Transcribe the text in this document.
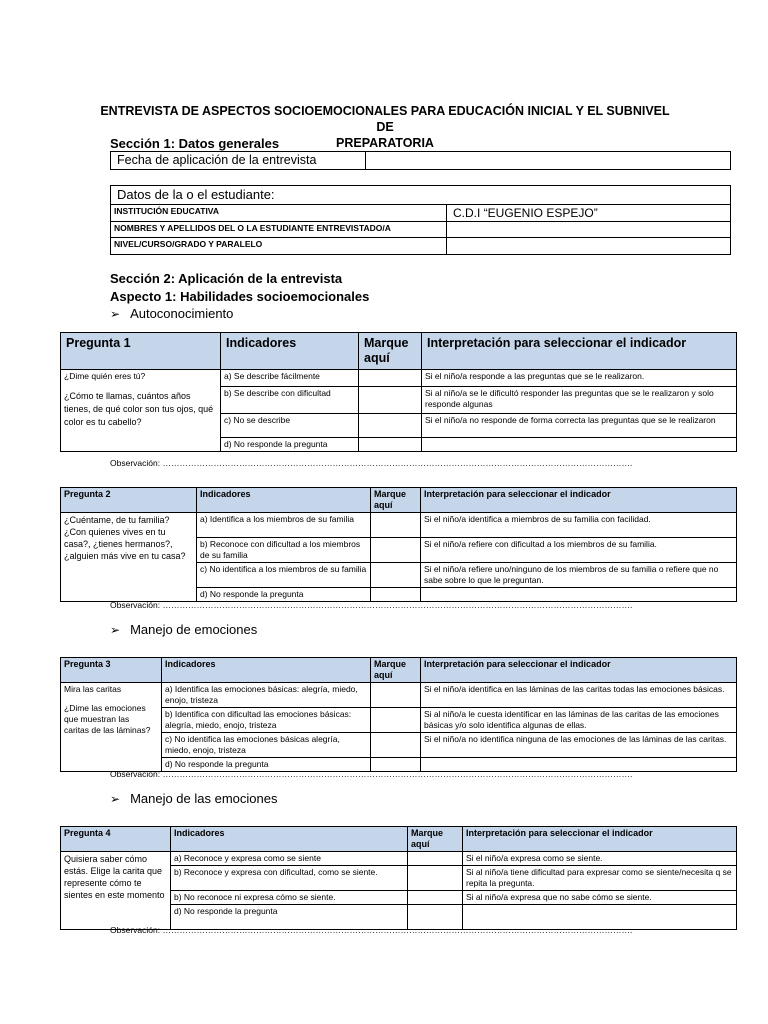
ENTREVISTA DE ASPECTOS SOCIOEMOCIONALES PARA EDUCACIÓN INICIAL Y EL SUBNIVEL DE
PREPARATORIA
Sección 1: Datos generales
Fecha de aplicación de la entrevista	
Datos de la o el estudiante:	
INSTITUCIÓN EDUCATIVA	C.D.I “EUGENIO ESPEJO”
NOMBRES Y APELLIDOS DEL O LA ESTUDIANTE ENTREVISTADO/A	
NIVEL/CURSO/GRADO Y PARALELO	
Sección 2: Aplicación de la entrevista
Aspecto 1: Habilidades socioemocionales
➢ Autoconocimiento
Pregunta 1	Indicadores	Marque aquí	Interpretación para seleccionar el indicador

¿Dime quién eres tú?
¿Cómo te llamas, cuántos años tienes, de qué color son tus ojos, qué color es tu cabello?	a) Se describe fácilmente		Si el niño/a responde a las preguntas que se le realizaron.
	b) Se describe con dificultad		Si al niño/a se le dificultó responder las preguntas que se le realizaron y solo responde algunas
	c) No se describe		Si el niño/a no responde de forma correcta las preguntas que se le realizaron
	d) No responde la pregunta		
Observación: ………………………………………………………………………………………………………………………………………………….
Pregunta 2	Indicadores	Marque aquí	Interpretación para seleccionar el indicador
¿Cuéntame, de tu familia? ¿Con quienes vives en tu casa?, ¿tienes hermanos?, ¿alguien más vive en tu casa?	a) Identifica a los miembros de su familia		Si el niño/a identifica a miembros de su familia con facilidad.
	b) Reconoce con dificultad a los miembros de su familia		Si el niño/a refiere con dificultad a los miembros de su familia.
	c) No identifica a los miembros de su familia		Si el niño/a refiere uno/ninguno de los miembros de su familia o refiere que no sabe sobre lo que le preguntan.
	d) No responde la pregunta		
Observación: ………………………………………………………………………………………………………………………………………………….
➢ Manejo de emociones
Pregunta 3	Indicadores	Marque aquí	Interpretación para seleccionar el indicador

Mira las caritas
¿Dime las emociones que muestran las caritas de las láminas?	a) Identifica las emociones básicas: alegría, miedo, enojo, tristeza		Si el niño/a identifica en las láminas de las caritas todas las emociones básicas.
	b) Identifica con dificultad las emociones básicas: alegría, miedo, enojo, tristeza		Si al niño/a le cuesta identificar en las láminas de las caritas de las emociones básicas y/o solo identifica algunas de ellas.
	c) No identifica las emociones básicas alegría, miedo, enojo, tristeza		Si el niño/a no identifica ninguna de las emociones de las láminas de las caritas.
	d) No responde la pregunta		
Observación: ………………………………………………………………………………………………………………………………………………….
➢ Manejo de las emociones
Pregunta 4	Indicadores	Marque aquí	Interpretación para seleccionar el indicador
Quisiera saber cómo estás. Elige la carita que represente cómo te sientes en este momento	a) Reconoce y expresa como se siente		Si el niño/a expresa como se siente.
	b) Reconoce y expresa con dificultad, como se siente.		Si al niño/a tiene dificultad para expresar como se siente/necesita q se repita la pregunta.
	b) No reconoce ni expresa cómo se siente.		Si al niño/a expresa que no sabe cómo se siente.
	d) No responde la pregunta		
Observación: ………………………………………………………………………………………………………………………………………………….
